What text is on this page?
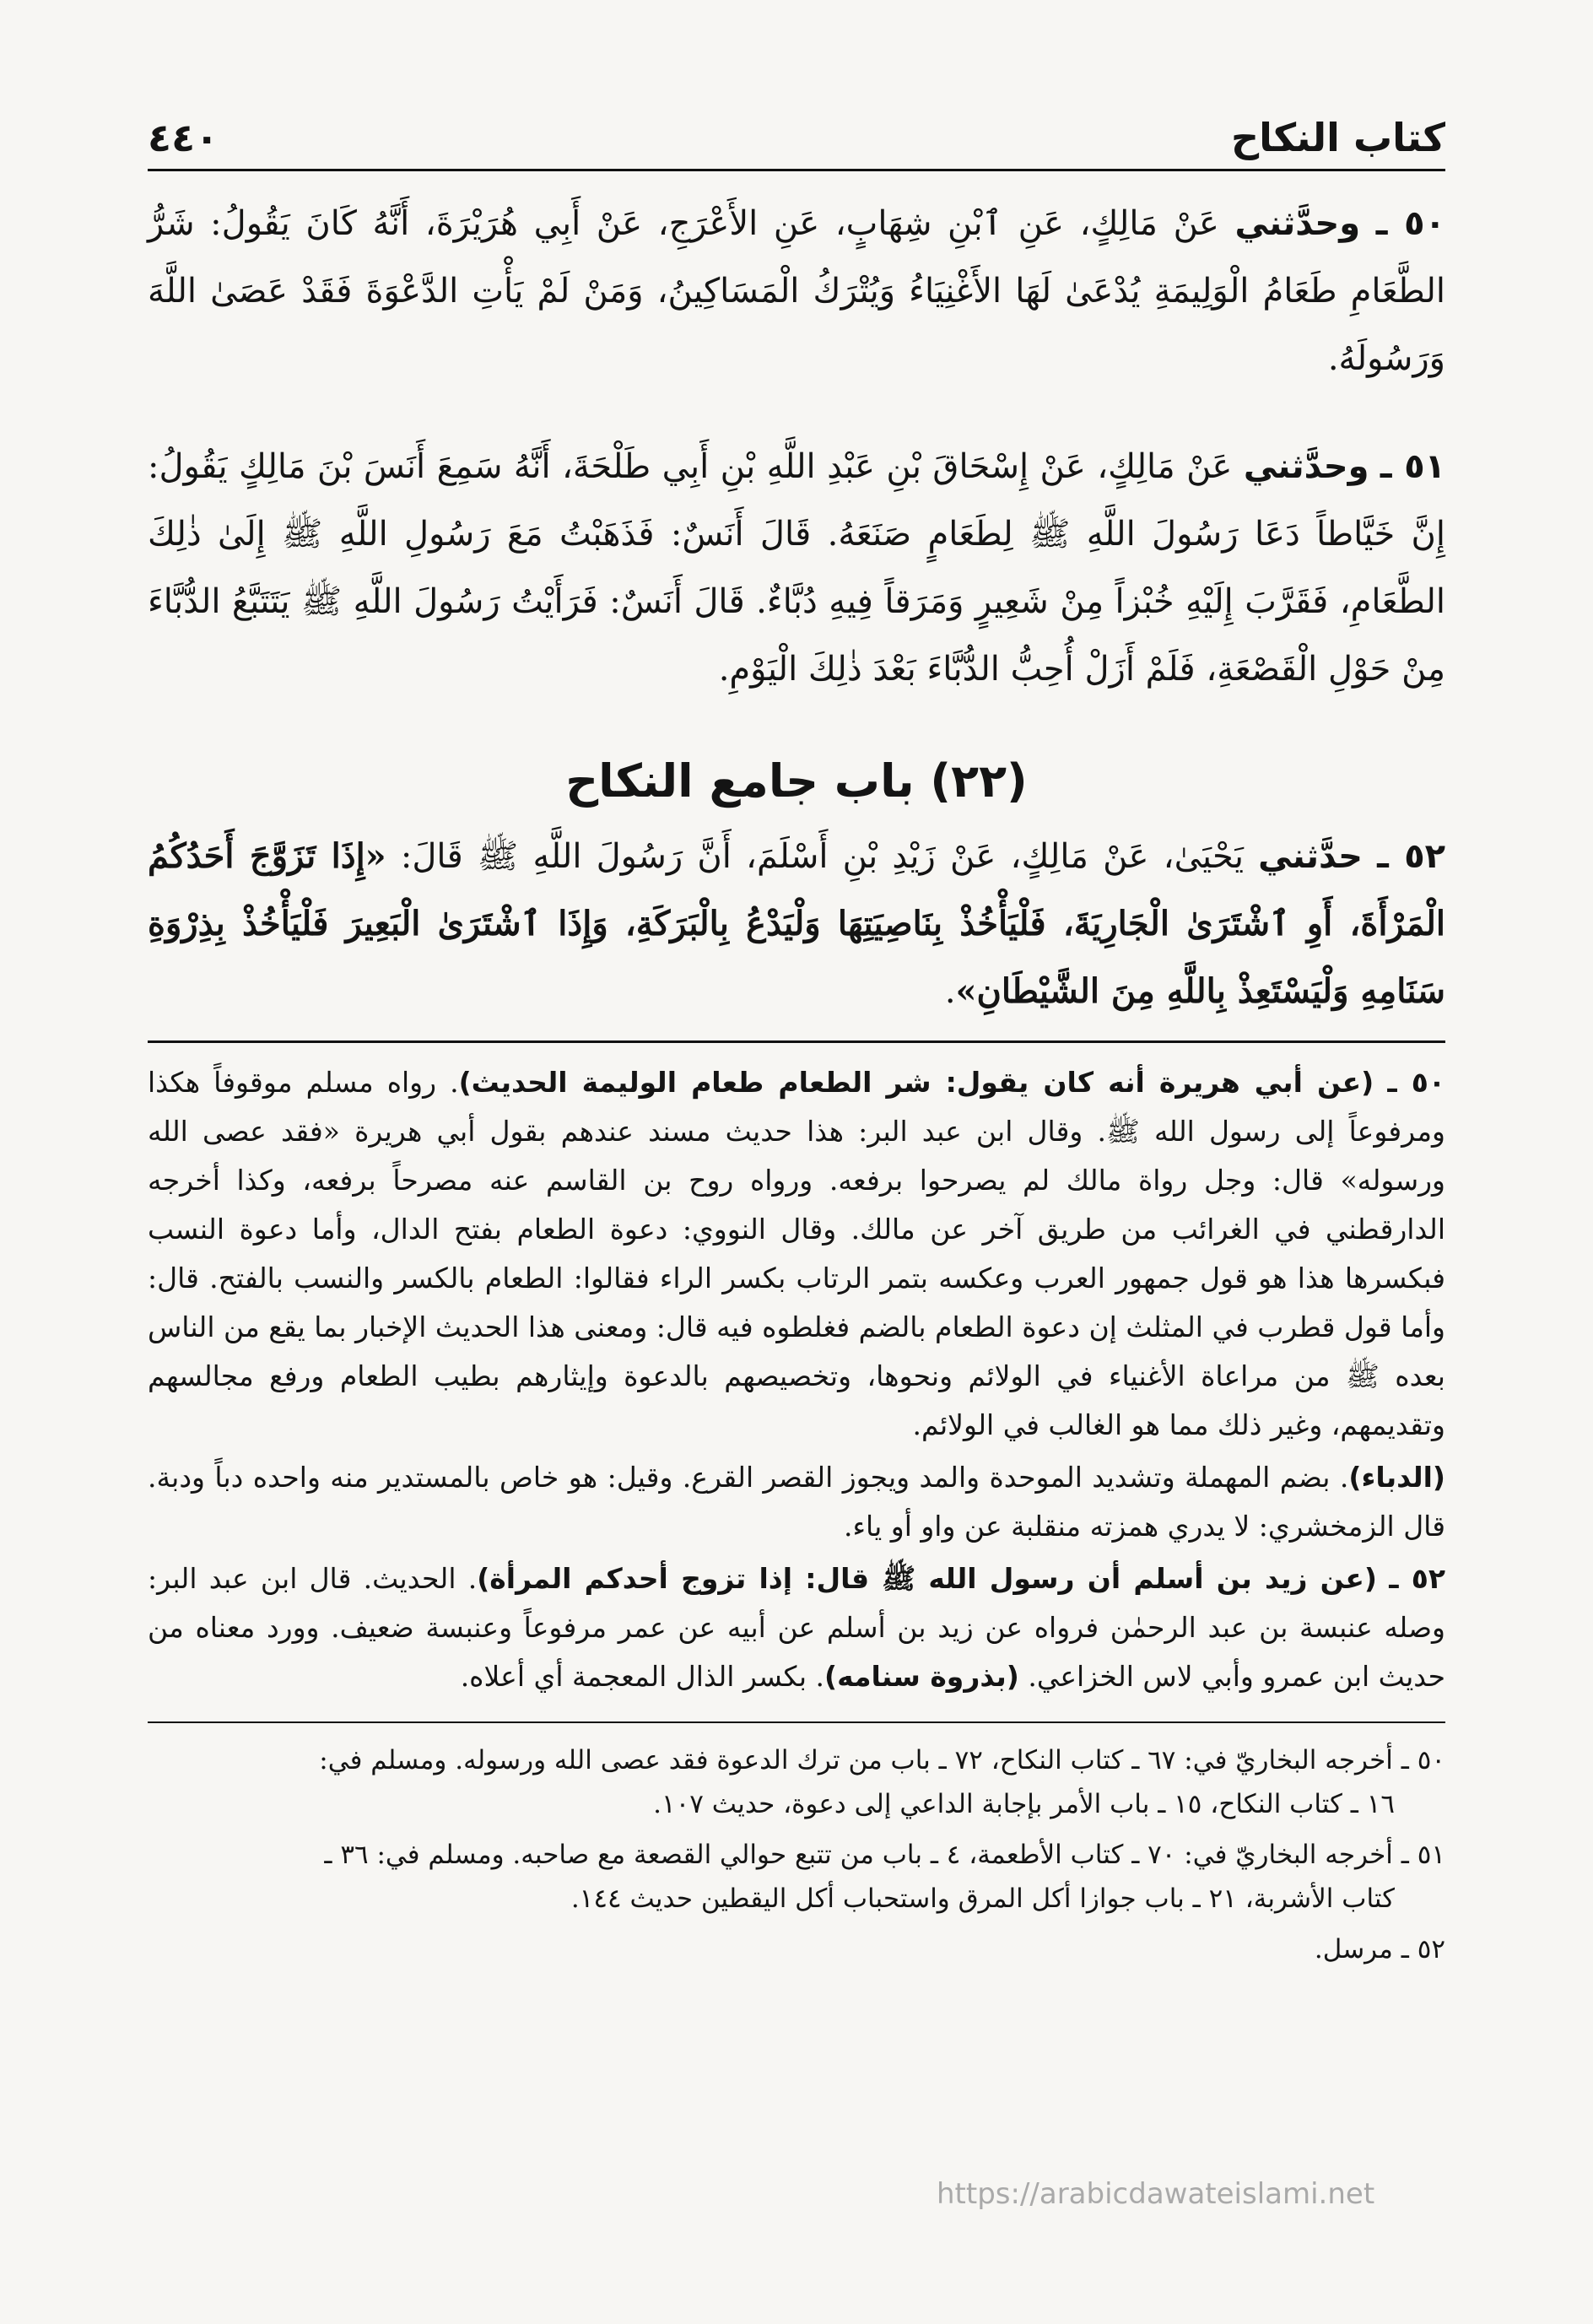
كتاب النكاح
٤٤٠
٥٠ ـ وحدَّثني عَنْ مَالِكٍ، عَنِ ٱبْنِ شِهَابٍ، عَنِ الأَعْرَجِ، عَنْ أَبِي هُرَيْرَةَ، أَنَّهُ كَانَ يَقُولُ: شَرُّ الطَّعَامِ طَعَامُ الْوَلِيمَةِ يُدْعَىٰ لَهَا الأَغْنِيَاءُ وَيُتْرَكُ الْمَسَاكِينُ، وَمَنْ لَمْ يَأْتِ الدَّعْوَةَ فَقَدْ عَصَىٰ اللَّهَ وَرَسُولَهُ.
٥١ ـ وحدَّثني عَنْ مَالِكٍ، عَنْ إِسْحَاقَ بْنِ عَبْدِ اللَّهِ بْنِ أَبِي طَلْحَةَ، أَنَّهُ سَمِعَ أَنَسَ بْنَ مَالِكٍ يَقُولُ: إِنَّ خَيَّاطاً دَعَا رَسُولَ اللَّهِ ﷺ لِطَعَامٍ صَنَعَهُ. قَالَ أَنَسٌ: فَذَهَبْتُ مَعَ رَسُولِ اللَّهِ ﷺ إِلَىٰ ذٰلِكَ الطَّعَامِ، فَقَرَّبَ إِلَيْهِ خُبْزاً مِنْ شَعِيرٍ وَمَرَقاً فِيهِ دُبَّاءٌ. قَالَ أَنَسٌ: فَرَأَيْتُ رَسُولَ اللَّهِ ﷺ يَتَتَبَّعُ الدُّبَّاءَ مِنْ حَوْلِ الْقَصْعَةِ، فَلَمْ أَزَلْ أُحِبُّ الدُّبَّاءَ بَعْدَ ذٰلِكَ الْيَوْمِ.
(٢٢) باب جامع النكاح
٥٢ ـ حدَّثني يَحْيَىٰ، عَنْ مَالِكٍ، عَنْ زَيْدِ بْنِ أَسْلَمَ، أَنَّ رَسُولَ اللَّهِ ﷺ قَالَ: «إِذَا تَزَوَّجَ أَحَدُكُمُ الْمَرْأَةَ، أَوِ ٱشْتَرَىٰ الْجَارِيَةَ، فَلْيَأْخُذْ بِنَاصِيَتِهَا وَلْيَدْعُ بِالْبَرَكَةِ، وَإِذَا ٱشْتَرَىٰ الْبَعِيرَ فَلْيَأْخُذْ بِذِرْوَةِ سَنَامِهِ وَلْيَسْتَعِذْ بِاللَّهِ مِنَ الشَّيْطَانِ».

٥٠ ـ (عن أبي هريرة أنه كان يقول: شر الطعام طعام الوليمة الحديث). رواه مسلم موقوفاً هكذا ومرفوعاً إلى رسول الله ﷺ. وقال ابن عبد البر: هذا حديث مسند عندهم بقول أبي هريرة «فقد عصى الله ورسوله» قال: وجل رواة مالك لم يصرحوا برفعه. ورواه روح بن القاسم عنه مصرحاً برفعه، وكذا أخرجه الدارقطني في الغرائب من طريق آخر عن مالك. وقال النووي: دعوة الطعام بفتح الدال، وأما دعوة النسب فبكسرها هذا هو قول جمهور العرب وعكسه بتمر الرتاب بكسر الراء فقالوا: الطعام بالكسر والنسب بالفتح. قال: وأما قول قطرب في المثلث إن دعوة الطعام بالضم فغلطوه فيه قال: ومعنى هذا الحديث الإخبار بما يقع من الناس بعده ﷺ من مراعاة الأغنياء في الولائم ونحوها، وتخصيصهم بالدعوة وإيثارهم بطيب الطعام ورفع مجالسهم وتقديمهم، وغير ذلك مما هو الغالب في الولائم.

(الدباء). بضم المهملة وتشديد الموحدة والمد ويجوز القصر القرع. وقيل: هو خاص بالمستدير منه واحده دباً ودبة. قال الزمخشري: لا يدري همزته منقلبة عن واو أو ياء.

٥٢ ـ (عن زيد بن أسلم أن رسول الله ﷺ قال: إذا تزوج أحدكم المرأة). الحديث. قال ابن عبد البر: وصله عنبسة بن عبد الرحمٰن فرواه عن زيد بن أسلم عن أبيه عن عمر مرفوعاً وعنبسة ضعيف. وورد معناه من حديث ابن عمرو وأبي لاس الخزاعي. (بذروة سنامه). بكسر الذال المعجمة أي أعلاه.

٥٠ ـ أخرجه البخاريّ في: ٦٧ ـ كتاب النكاح، ٧٢ ـ باب من ترك الدعوة فقد عصى الله ورسوله. ومسلم في:
١٦ ـ كتاب النكاح، ١٥ ـ باب الأمر بإجابة الداعي إلى دعوة، حديث ١٠٧.

٥١ ـ أخرجه البخاريّ في: ٧٠ ـ كتاب الأطعمة، ٤ ـ باب من تتبع حوالي القصعة مع صاحبه. ومسلم في: ٣٦ ـ
كتاب الأشربة، ٢١ ـ باب جوازا أكل المرق واستحباب أكل اليقطين حديث ١٤٤.

٥٢ ـ مرسل.

https://arabicdawateislami.net
